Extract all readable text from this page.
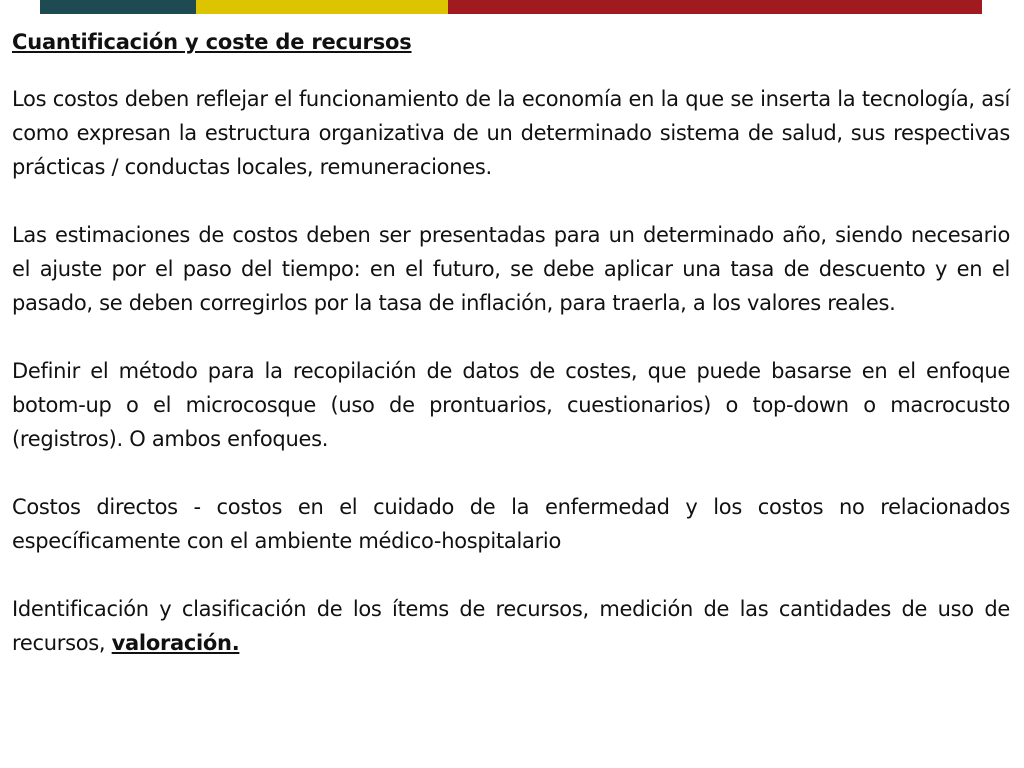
Cuantificación y coste de recursos

Los costos deben reflejar el funcionamiento de la economía en la que se inserta la tecnología, así como expresan la estructura organizativa de un determinado sistema de salud, sus respectivas prácticas / conductas locales, remuneraciones.

Las estimaciones de costos deben ser presentadas para un determinado año, siendo necesario el ajuste por el paso del tiempo: en el futuro, se debe aplicar una tasa de descuento y en el pasado, se deben corregirlos por la tasa de inflación, para traerla, a los valores reales.

Definir el método para la recopilación de datos de costes, que puede basarse en el enfoque botom-up o el microcosque (uso de prontuarios, cuestionarios) o top-down o macrocusto (registros). O ambos enfoques.

Costos directos - costos en el cuidado de la enfermedad y los costos no relacionados específicamente con el ambiente médico-hospitalario

Identificación y clasificación de los ítems de recursos, medición de las cantidades de uso de recursos, valoración.
